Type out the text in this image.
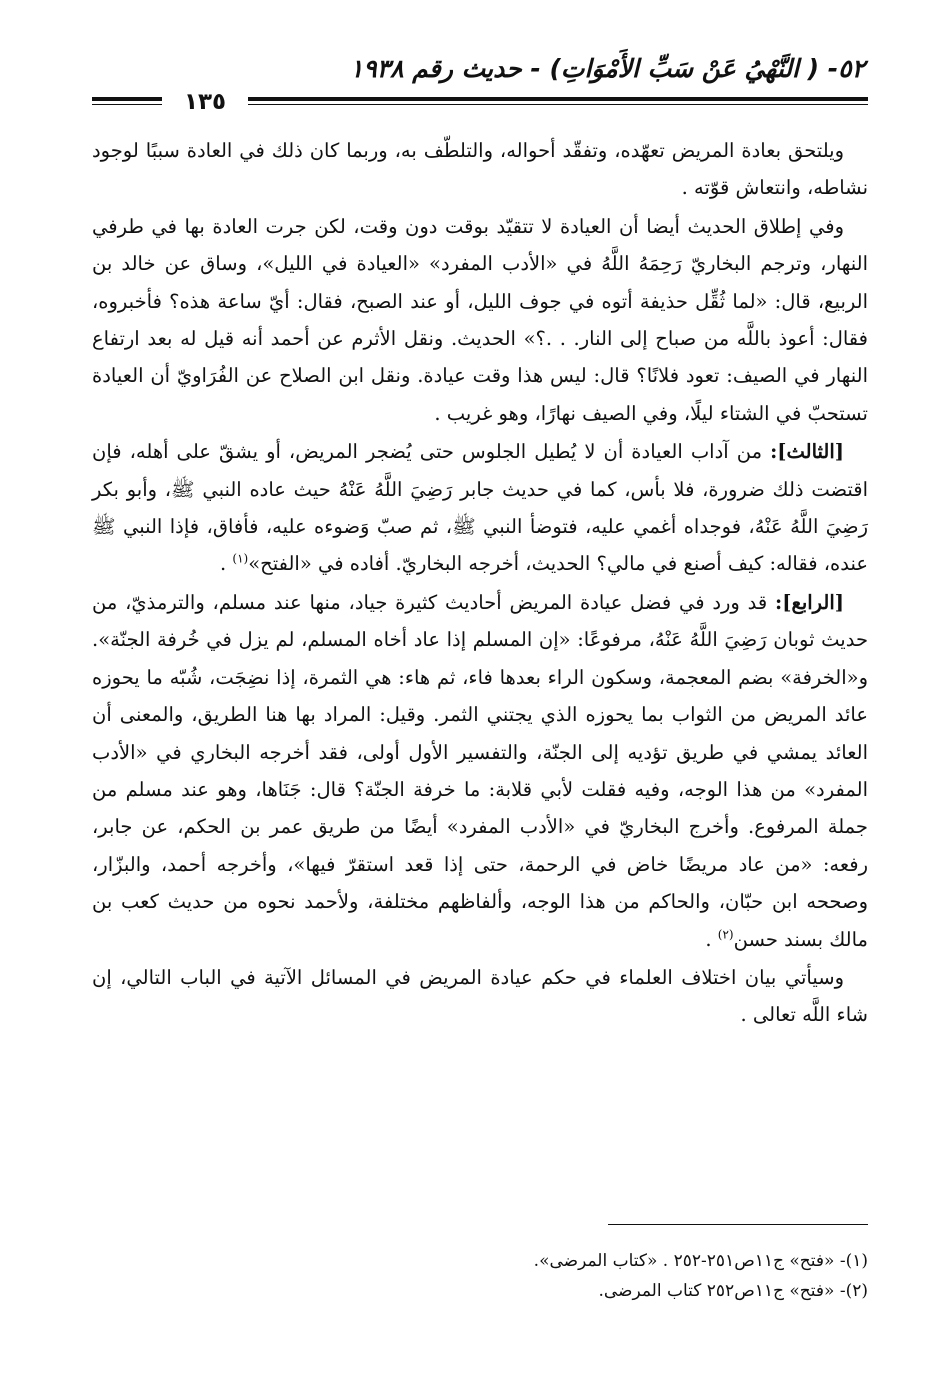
٥٢- ( النَّهْيُ عَنْ سَبِّ الأَمْوَاتِ) - حديث رقم ١٩٣٨
١٣٥

ويلتحق بعادة المريض تعهّده، وتفقّد أحواله، والتلطّف به، وربما كان ذلك في العادة سببًا لوجود نشاطه، وانتعاش قوّته .

وفي إطلاق الحديث أيضا أن العيادة لا تتقيّد بوقت دون وقت، لكن جرت العادة بها في طرفي النهار، وترجم البخاريّ رَحِمَهُ اللَّهُ في «الأدب المفرد» «العيادة في الليل»، وساق عن خالد بن الربيع، قال: «لما ثُقِّل حذيفة أتوه في جوف الليل، أو عند الصبح، فقال: أيّ ساعة هذه؟ فأخبروه، فقال: أعوذ باللَّه من صباح إلى النار. . .؟» الحديث. ونقل الأثرم عن أحمد أنه قيل له بعد ارتفاع النهار في الصيف: تعود فلانًا؟ قال: ليس هذا وقت عيادة. ونقل ابن الصلاح عن الفُرَاويّ أن العيادة تستحبّ في الشتاء ليلًا، وفي الصيف نهارًا، وهو غريب .

[الثالث]: من آداب العيادة أن لا يُطيل الجلوس حتى يُضجر المريض، أو يشقّ على أهله، فإن اقتضت ذلك ضرورة، فلا بأس، كما في حديث جابر رَضِيَ اللَّهُ عَنْهُ حيث عاده النبي ﷺ، وأبو بكر رَضِيَ اللَّهُ عَنْهُ، فوجداه أغمي عليه، فتوضأ النبي ﷺ، ثم صبّ وَضوءه عليه، فأفاق، فإذا النبي ﷺ عنده، فقاله: كيف أصنع في مالي؟ الحديث، أخرجه البخاريّ. أفاده في «الفتح»$^{(١)}$ .

[الرابع]: قد ورد في فضل عيادة المريض أحاديث كثيرة جياد، منها عند مسلم، والترمذيّ، من حديث ثوبان رَضِيَ اللَّهُ عَنْهُ، مرفوعًا: «إن المسلم إذا عاد أخاه المسلم، لم يزل في خُرفة الجنّة». و«الخرفة» بضم المعجمة، وسكون الراء بعدها فاء، ثم هاء: هي الثمرة، إذا نضِجَت، شُبّه ما يحوزه عائد المريض من الثواب بما يحوزه الذي يجتني الثمر. وقيل: المراد بها هنا الطريق، والمعنى أن العائد يمشي في طريق تؤديه إلى الجنّة، والتفسير الأول أولى، فقد أخرجه البخاري في «الأدب المفرد» من هذا الوجه، وفيه فقلت لأبي قلابة: ما خرفة الجنّة؟ قال: جَنَاها، وهو عند مسلم من جملة المرفوع. وأخرج البخاريّ في «الأدب المفرد» أيضًا من طريق عمر بن الحكم، عن جابر، رفعه: «من عاد مريضًا خاض في الرحمة، حتى إذا قعد استقرّ فيها»، وأخرجه أحمد، والبزّار، وصححه ابن حبّان، والحاكم من هذا الوجه، وألفاظهم مختلفة، ولأحمد نحوه من حديث كعب بن مالك بسند حسن$^{(٢)}$ .

وسيأتي بيان اختلاف العلماء في حكم عيادة المريض في المسائل الآتية في الباب التالي، إن شاء اللَّه تعالى .

(١)- «فتح» ج١١ص٢٥١-٢٥٢ . «كتاب المرضى».
(٢)- «فتح» ج١١ص٢٥٢ كتاب المرضى.
